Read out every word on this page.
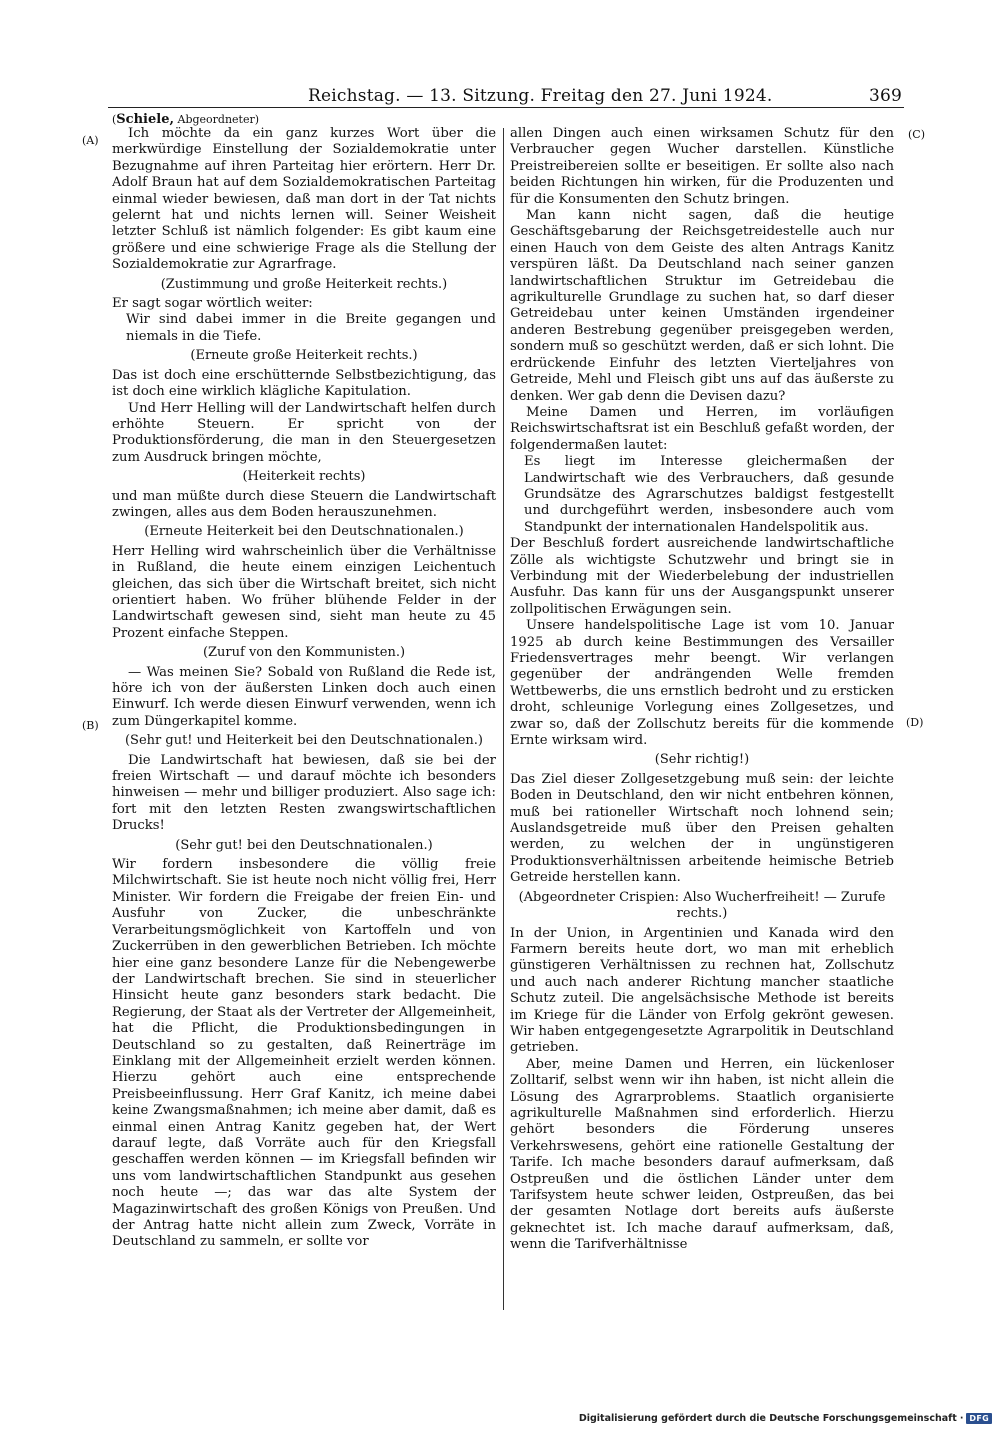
Reichstag. — 13. Sitzung. Freitag den 27. Juni 1924.	369
(Schiele, Abgeordneter)
(A)
(B)
(C)
(D)

Ich möchte da ein ganz kurzes Wort über die merkwürdige Einstellung der Sozialdemokratie unter Bezugnahme auf ihren Parteitag hier erörtern. Herr Dr. Adolf Braun hat auf dem Sozialdemokratischen Parteitag einmal wieder bewiesen, daß man dort in der Tat nichts gelernt hat und nichts lernen will. Seiner Weisheit letzter Schluß ist nämlich folgender: Es gibt kaum eine größere und eine schwierige Frage als die Stellung der Sozialdemokratie zur Agrarfrage.

(Zustimmung und große Heiterkeit rechts.)

Er sagt sogar wörtlich weiter:

Wir sind dabei immer in die Breite gegangen und niemals in die Tiefe.

(Erneute große Heiterkeit rechts.)

Das ist doch eine erschütternde Selbstbezichtigung, das ist doch eine wirklich klägliche Kapitulation.

Und Herr Helling will der Landwirtschaft helfen durch erhöhte Steuern. Er spricht von der Produktionsförderung, die man in den Steuergesetzen zum Ausdruck bringen möchte,

(Heiterkeit rechts)

und man müßte durch diese Steuern die Landwirtschaft zwingen, alles aus dem Boden herauszunehmen.

(Erneute Heiterkeit bei den Deutschnationalen.)

Herr Helling wird wahrscheinlich über die Verhältnisse in Rußland, die heute einem einzigen Leichentuch gleichen, das sich über die Wirtschaft breitet, sich nicht orientiert haben. Wo früher blühende Felder in der Landwirtschaft gewesen sind, sieht man heute zu 45 Prozent einfache Steppen.

(Zuruf von den Kommunisten.)

— Was meinen Sie? Sobald von Rußland die Rede ist, höre ich von der äußersten Linken doch auch einen Einwurf. Ich werde diesen Einwurf verwenden, wenn ich zum Düngerkapitel komme.

(Sehr gut! und Heiterkeit bei den Deutschnationalen.)

Die Landwirtschaft hat bewiesen, daß sie bei der freien Wirtschaft — und darauf möchte ich besonders hinweisen — mehr und billiger produziert. Also sage ich: fort mit den letzten Resten zwangswirtschaftlichen Drucks!

(Sehr gut! bei den Deutschnationalen.)

Wir fordern insbesondere die völlig freie Milchwirtschaft. Sie ist heute noch nicht völlig frei, Herr Minister. Wir fordern die Freigabe der freien Ein- und Ausfuhr von Zucker, die unbeschränkte Verarbeitungsmöglichkeit von Kartoffeln und von Zuckerrüben in den gewerblichen Betrieben. Ich möchte hier eine ganz besondere Lanze für die Nebengewerbe der Landwirtschaft brechen. Sie sind in steuerlicher Hinsicht heute ganz besonders stark bedacht. Die Regierung, der Staat als der Vertreter der Allgemeinheit, hat die Pflicht, die Produktionsbedingungen in Deutschland so zu gestalten, daß Reinerträge im Einklang mit der Allgemeinheit erzielt werden können. Hierzu gehört auch eine entsprechende Preisbeeinflussung. Herr Graf Kanitz, ich meine dabei keine Zwangsmaßnahmen; ich meine aber damit, daß es einmal einen Antrag Kanitz gegeben hat, der Wert darauf legte, daß Vorräte auch für den Kriegsfall geschaffen werden können — im Kriegsfall befinden wir uns vom landwirtschaftlichen Standpunkt aus gesehen noch heute —; das war das alte System der Magazinwirtschaft des großen Königs von Preußen. Und der Antrag hatte nicht allein zum Zweck, Vorräte in Deutschland zu sammeln, er sollte vor

allen Dingen auch einen wirksamen Schutz für den Verbraucher gegen Wucher darstellen. Künstliche Preistreibereien sollte er beseitigen. Er sollte also nach beiden Richtungen hin wirken, für die Produzenten und für die Konsumenten den Schutz bringen.

Man kann nicht sagen, daß die heutige Geschäftsgebarung der Reichsgetreidestelle auch nur einen Hauch von dem Geiste des alten Antrags Kanitz verspüren läßt. Da Deutschland nach seiner ganzen landwirtschaftlichen Struktur im Getreidebau die agrikulturelle Grundlage zu suchen hat, so darf dieser Getreidebau unter keinen Umständen irgendeiner anderen Bestrebung gegenüber preisgegeben werden, sondern muß so geschützt werden, daß er sich lohnt. Die erdrückende Einfuhr des letzten Vierteljahres von Getreide, Mehl und Fleisch gibt uns auf das äußerste zu denken. Wer gab denn die Devisen dazu?

Meine Damen und Herren, im vorläufigen Reichswirtschaftsrat ist ein Beschluß gefaßt worden, der folgendermaßen lautet:

Es liegt im Interesse gleichermaßen der Landwirtschaft wie des Verbrauchers, daß gesunde Grundsätze des Agrarschutzes baldigst festgestellt und durchgeführt werden, insbesondere auch vom Standpunkt der internationalen Handelspolitik aus.

Der Beschluß fordert ausreichende landwirtschaftliche Zölle als wichtigste Schutzwehr und bringt sie in Verbindung mit der Wiederbelebung der industriellen Ausfuhr. Das kann für uns der Ausgangspunkt unserer zollpolitischen Erwägungen sein.

Unsere handelspolitische Lage ist vom 10. Januar 1925 ab durch keine Bestimmungen des Versailler Friedensvertrages mehr beengt. Wir verlangen gegenüber der andrängenden Welle fremden Wettbewerbs, die uns ernstlich bedroht und zu ersticken droht, schleunige Vorlegung eines Zollgesetzes, und zwar so, daß der Zollschutz bereits für die kommende Ernte wirksam wird.

(Sehr richtig!)

Das Ziel dieser Zollgesetzgebung muß sein: der leichte Boden in Deutschland, den wir nicht entbehren können, muß bei rationeller Wirtschaft noch lohnend sein; Auslandsgetreide muß über den Preisen gehalten werden, zu welchen der in ungünstigeren Produktionsverhältnissen arbeitende heimische Betrieb Getreide herstellen kann.

(Abgeordneter Crispien: Also Wucherfreiheit! — Zurufe rechts.)

In der Union, in Argentinien und Kanada wird den Farmern bereits heute dort, wo man mit erheblich günstigeren Verhältnissen zu rechnen hat, Zollschutz und auch nach anderer Richtung mancher staatliche Schutz zuteil. Die angelsächsische Methode ist bereits im Kriege für die Länder von Erfolg gekrönt gewesen. Wir haben entgegengesetzte Agrarpolitik in Deutschland getrieben.

Aber, meine Damen und Herren, ein lückenloser Zolltarif, selbst wenn wir ihn haben, ist nicht allein die Lösung des Agrarproblems. Staatlich organisierte agrikulturelle Maßnahmen sind erforderlich. Hierzu gehört besonders die Förderung unseres Verkehrswesens, gehört eine rationelle Gestaltung der Tarife. Ich mache besonders darauf aufmerksam, daß Ostpreußen und die östlichen Länder unter dem Tarifsystem heute schwer leiden, Ostpreußen, das bei der gesamten Notlage dort bereits aufs äußerste geknechtet ist. Ich mache darauf aufmerksam, daß, wenn die Tarifverhältnisse

Digitalisierung gefördert durch die Deutsche Forschungsgemeinschaft · DFG
